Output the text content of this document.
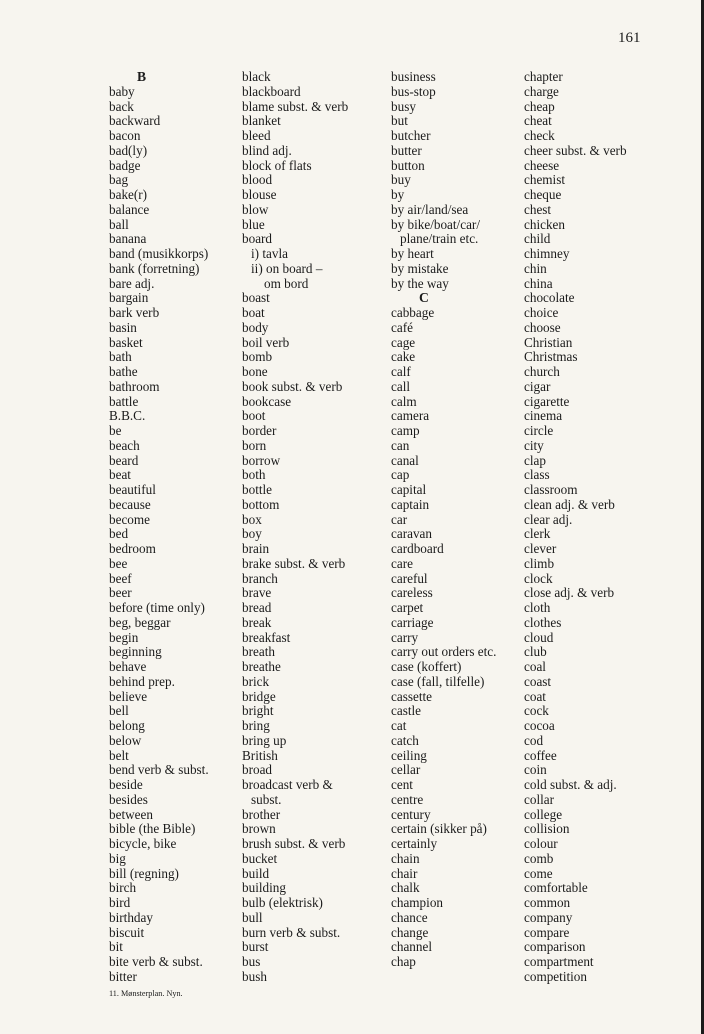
161
B
baby
back
backward
bacon
bad(ly)
badge
bag
bake(r)
balance
ball
banana
band (musikkorps)
bank (forretning)
bare adj.
bargain
bark verb
basin
basket
bath
bathe
bathroom
battle
B.B.C.
be
beach
beard
beat
beautiful
because
become
bed
bedroom
bee
beef
beer
before (time only)
beg, beggar
begin
beginning
behave
behind prep.
believe
bell
belong
below
belt
bend verb & subst.
beside
besides
between
bible (the Bible)
bicycle, bike
big
bill (regning)
birch
bird
birthday
biscuit
bit
bite verb & subst.
bitter
black
blackboard
blame subst. & verb
blanket
bleed
blind adj.
block of flats
blood
blouse
blow
blue
board
i) tavla
ii) on board –
om bord
boast
boat
body
boil verb
bomb
bone
book subst. & verb
bookcase
boot
border
born
borrow
both
bottle
bottom
box
boy
brain
brake subst. & verb
branch
brave
bread
break
breakfast
breath
breathe
brick
bridge
bright
bring
bring up
British
broad
broadcast verb &
subst.
brother
brown
brush subst. & verb
bucket
build
building
bulb (elektrisk)
bull
burn verb & subst.
burst
bus
bush
business
bus-stop
busy
but
butcher
butter
button
buy
by
by air/land/sea
by bike/boat/car/
plane/train etc.
by heart
by mistake
by the way
C
cabbage
café
cage
cake
calf
call
calm
camera
camp
can
canal
cap
capital
captain
car
caravan
cardboard
care
careful
careless
carpet
carriage
carry
carry out orders etc.
case (koffert)
case (fall, tilfelle)
cassette
castle
cat
catch
ceiling
cellar
cent
centre
century
certain (sikker på)
certainly
chain
chair
chalk
champion
chance
change
channel
chap
chapter
charge
cheap
cheat
check
cheer subst. & verb
cheese
chemist
cheque
chest
chicken
child
chimney
chin
china
chocolate
choice
choose
Christian
Christmas
church
cigar
cigarette
cinema
circle
city
clap
class
classroom
clean adj. & verb
clear adj.
clerk
clever
climb
clock
close adj. & verb
cloth
clothes
cloud
club
coal
coast
coat
cock
cocoa
cod
coffee
coin
cold subst. & adj.
collar
college
collision
colour
comb
come
comfortable
common
company
compare
comparison
compartment
competition
11. Mønsterplan. Nyn.
